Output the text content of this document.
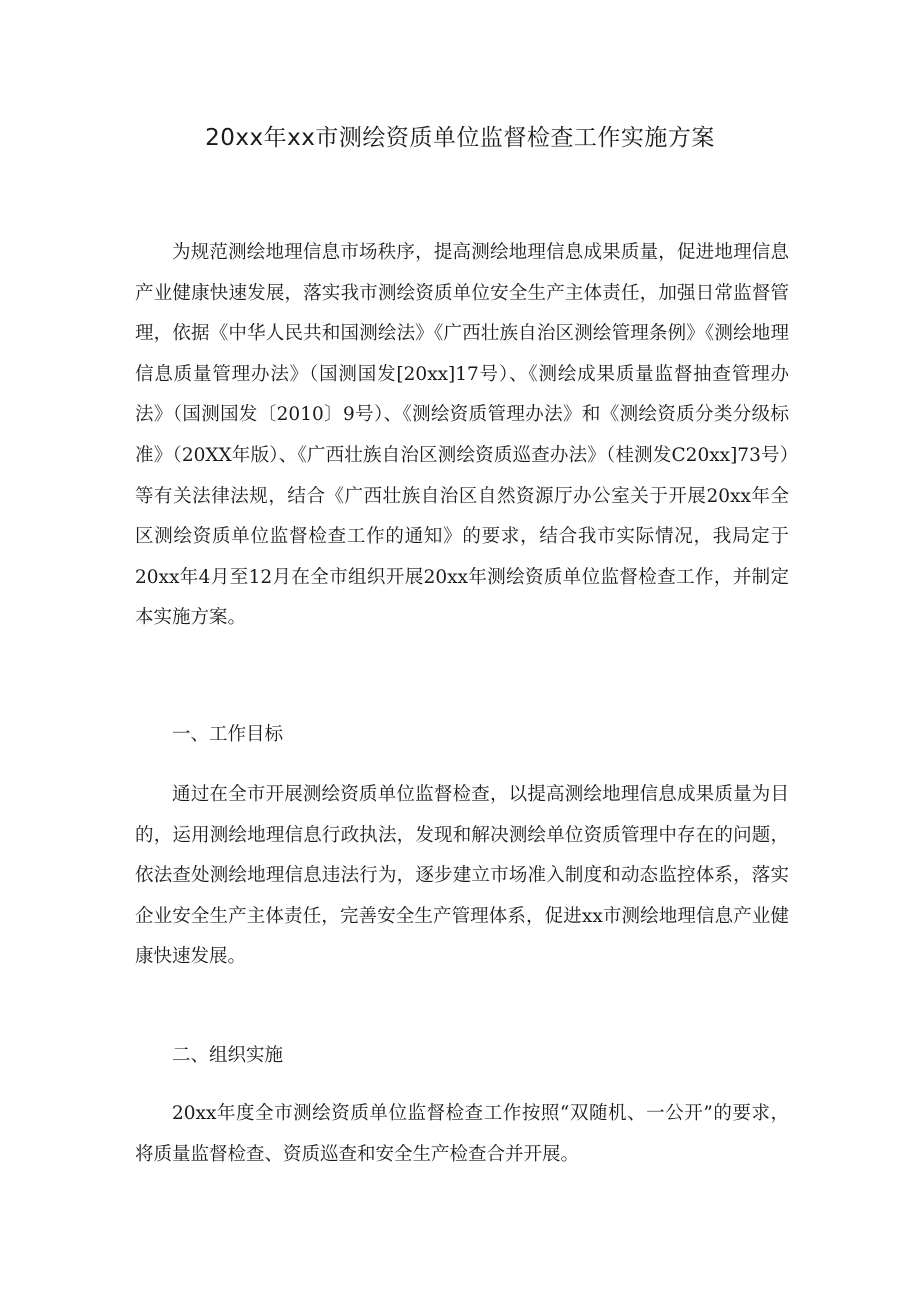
20xx年xx市测绘资质单位监督检查工作实施方案

为规范测绘地理信息市场秩序，提高测绘地理信息成果质量，促进地理信息产业健康快速发展，落实我市测绘资质单位安全生产主体责任，加强日常监督管理，依据《中华人民共和国测绘法》《广西壮族自治区测绘管理条例》《测绘地理信息质量管理办法》（国测国发[20xx]17号）、《测绘成果质量监督抽查管理办法》（国测国发〔2010〕9号）、《测绘资质管理办法》和《测绘资质分类分级标准》（20XX年版）、《广西壮族自治区测绘资质巡查办法》（桂测发C20xx]73号）等有关法律法规，结合《广西壮族自治区自然资源厅办公室关于开展20xx年全区测绘资质单位监督检查工作的通知》的要求，结合我市实际情况，我局定于20xx年4月至12月在全市组织开展20xx年测绘资质单位监督检查工作，并制定本实施方案。

一、工作目标

通过在全市开展测绘资质单位监督检查，以提高测绘地理信息成果质量为目的，运用测绘地理信息行政执法，发现和解决测绘单位资质管理中存在的问题，依法查处测绘地理信息违法行为，逐步建立市场准入制度和动态监控体系，落实企业安全生产主体责任，完善安全生产管理体系，促进xx市测绘地理信息产业健康快速发展。

二、组织实施

20xx年度全市测绘资质单位监督检查工作按照“双随机、一公开”的要求，将质量监督检查、资质巡查和安全生产检查合并开展。
